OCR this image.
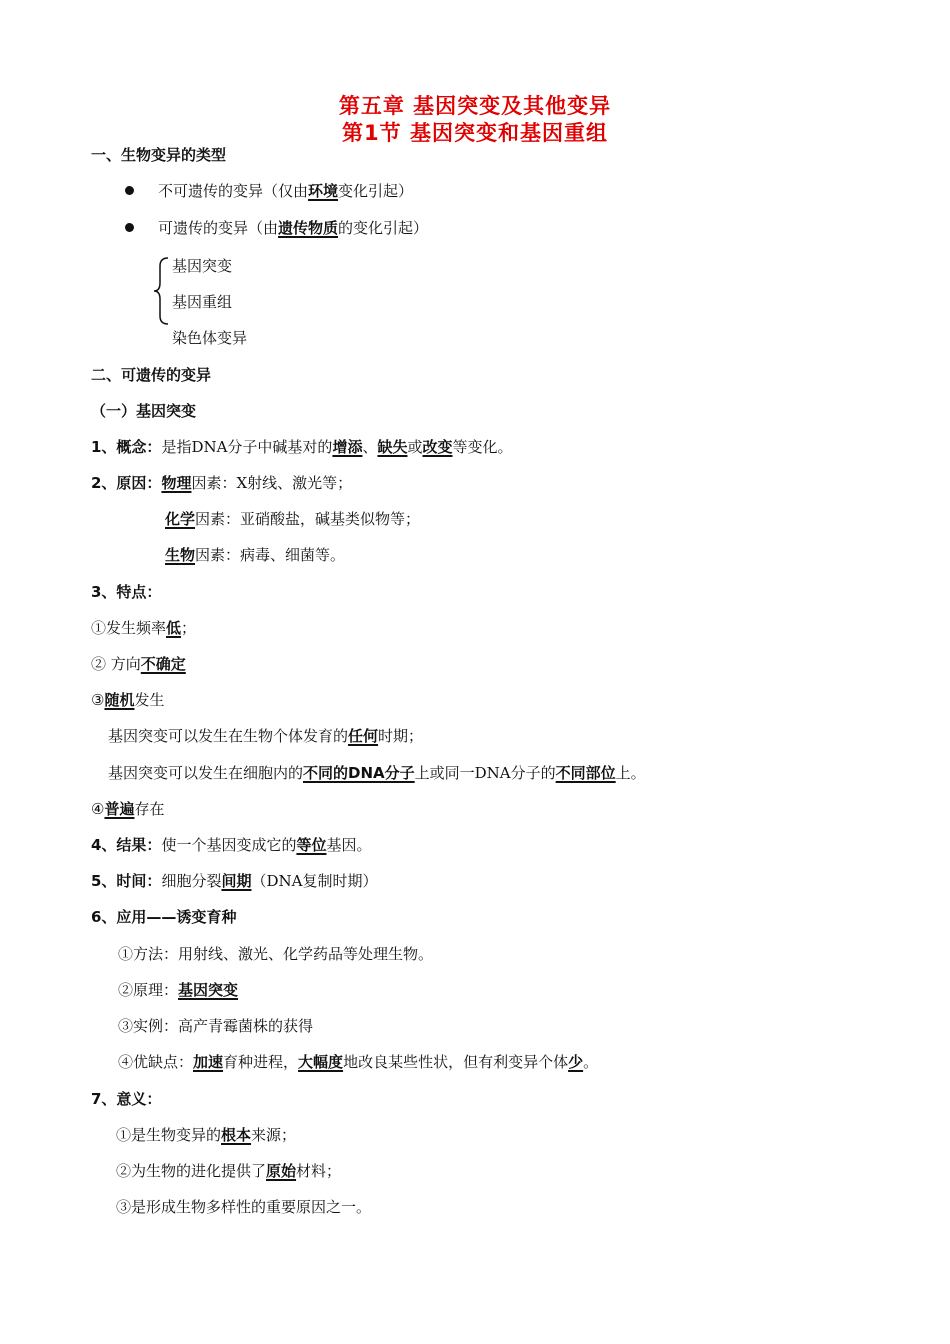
第五章 基因突变及其他变异
第1节 基因突变和基因重组
一、生物变异的类型
不可遗传的变异（仅由环境变化引起）
可遗传的变异（由遗传物质的变化引起）
基因突变
基因重组
染色体变异
二、可遗传的变异
（一）基因突变
1、概念：是指DNA分子中碱基对的增添、缺失或改变等变化。
2、原因：物理因素：X射线、激光等；
化学因素：亚硝酸盐，碱基类似物等；
生物因素：病毒、细菌等。
3、特点：
①发生频率低；
② 方向不确定
③随机发生
基因突变可以发生在生物个体发育的任何时期；
基因突变可以发生在细胞内的不同的DNA分子上或同一DNA分子的不同部位上。
④普遍存在
4、结果：使一个基因变成它的等位基因。
5、时间：细胞分裂间期（DNA复制时期）
6、应用——诱变育种
①方法：用射线、激光、化学药品等处理生物。
②原理：基因突变
③实例：高产青霉菌株的获得
④优缺点：加速育种进程，大幅度地改良某些性状，但有利变异个体少。
7、意义：
①是生物变异的根本来源；
②为生物的进化提供了原始材料；
③是形成生物多样性的重要原因之一。
